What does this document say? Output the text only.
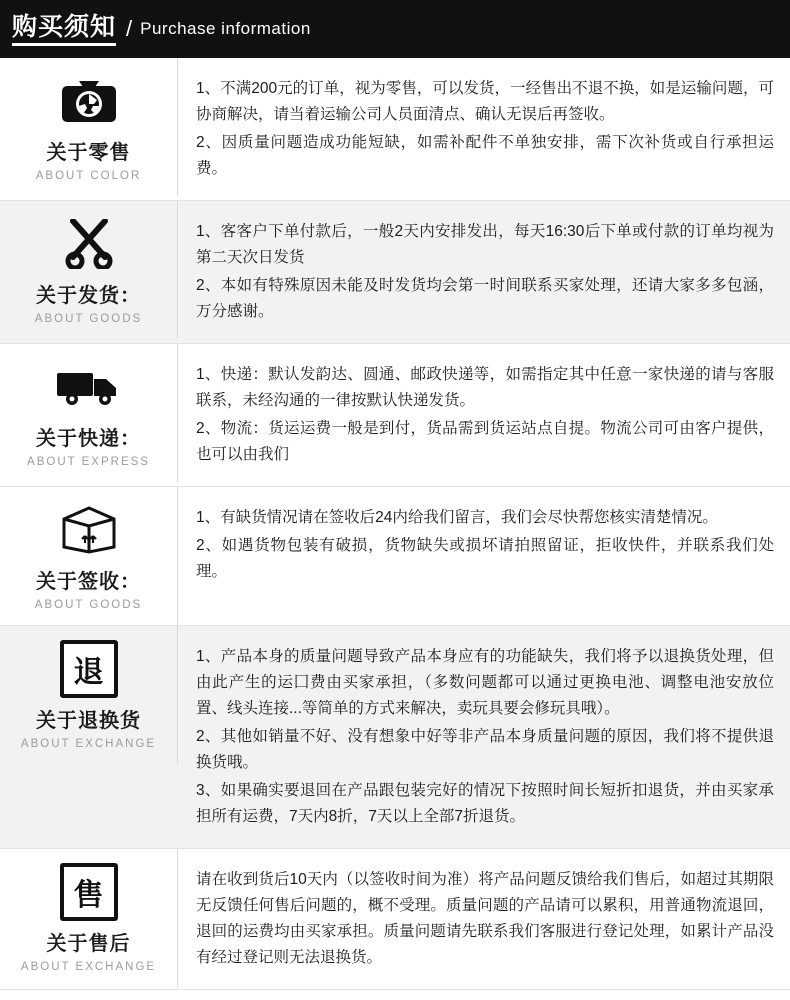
购买须知 / Purchase information
关于零售
ABOUT COLOR

1、不满200元的订单，视为零售，可以发货，一经售出不退不换，如是运输问题，可协商解决，请当着运输公司人员面清点、确认无误后再签收。

2、因质量问题造成功能短缺，如需补配件不单独安排，需下次补货或自行承担运费。

关于发货：
ABOUT GOODS

1、客客户下单付款后，一般2天内安排发出，每天16:30后下单或付款的订单均视为第二天次日发货

2、本如有特殊原因未能及时发货均会第一时间联系买家处理，还请大家多多包涵，万分感谢。

关于快递：
ABOUT EXPRESS

1、快递：默认发韵达、圆通、邮政快递等，如需指定其中任意一家快递的请与客服联系，未经沟通的一律按默认快递发货。

2、物流：货运运费一般是到付，货品需到货运站点自提。物流公司可由客户提供，也可以由我们

关于签收：
ABOUT GOODS

1、有缺货情况请在签收后24内给我们留言，我们会尽快帮您核实清楚情况。

2、如遇货物包装有破损，货物缺失或损坏请拍照留证，拒收快件，并联系我们处理。

退
关于退换货
ABOUT EXCHANGE

1、产品本身的质量问题导致产品本身应有的功能缺失，我们将予以退换货处理，但由此产生的运囗费由买家承担，（多数问题都可以通过更换电池、调整电池安放位置、线头连接...等简单的方式来解决，卖玩具要会修玩具哦）。

2、其他如销量不好、没有想象中好等非产品本身质量问题的原因，我们将不提供退换货哦。

3、如果确实要退回在产品跟包装完好的情况下按照时间长短折扣退货，并由买家承担所有运费，7天内8折，7天以上全部7折退货。

售
关于售后
ABOUT EXCHANGE

请在收到货后10天内（以签收时间为准）将产品问题反馈给我们售后，如超过其期限无反馈任何售后问题的，概不受理。质量问题的产品请可以累积，用普通物流退回，退回的运费均由买家承担。质量问题请先联系我们客服进行登记处理，如累计产品没有经过登记则无法退换货。
